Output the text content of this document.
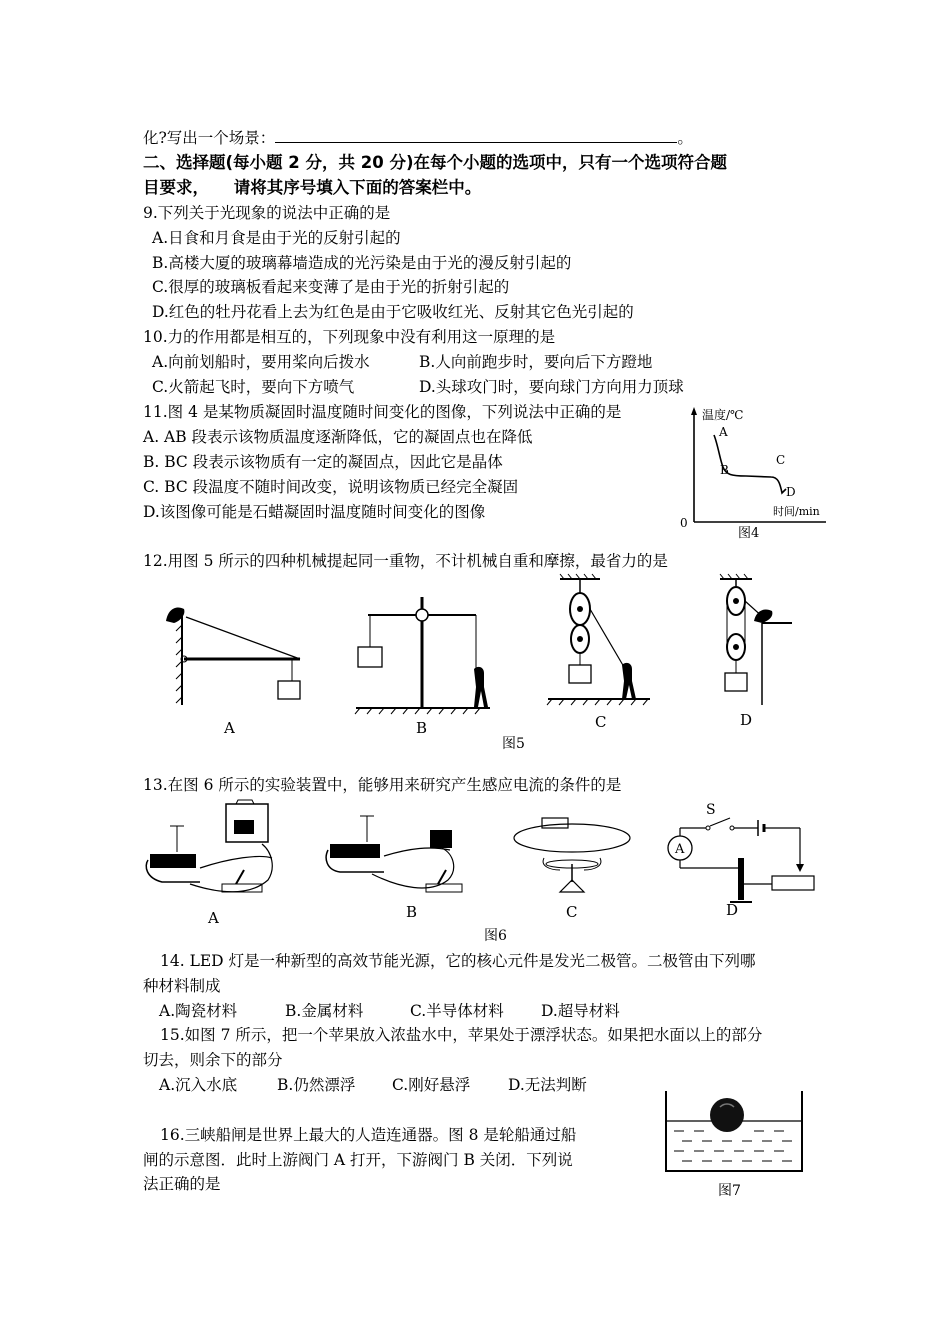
化?写出一个场景：	。
二、选择题(每小题 2 分，共 20 分)在每个小题的选项中，只有一个选项符合题
目要求，　　请将其序号填入下面的答案栏中。
9.下列关于光现象的说法中正确的是
A.日食和月食是由于光的反射引起的
B.高楼大厦的玻璃幕墙造成的光污染是由于光的漫反射引起的
C.很厚的玻璃板看起来变薄了是由于光的折射引起的
D.红色的牡丹花看上去为红色是由于它吸收红光、反射其它色光引起的
10.力的作用都是相互的，下列现象中没有利用这一原理的是
A.向前划船时，要用桨向后拨水	B.人向前跑步时，要向后下方蹬地
C.火箭起飞时，要向下方喷气	D.头球攻门时，要向球门方向用力顶球
11.图 4 是某物质凝固时温度随时间变化的图像，下列说法中正确的是
A. AB 段表示该物质温度逐渐降低，它的凝固点也在降低
B. BC 段表示该物质有一定的凝固点，因此它是晶体
C. BC 段温度不随时间改变，说明该物质已经完全凝固
D.该图像可能是石蜡凝固时温度随时间变化的图像
温度/℃
时间/min
0
A
B
C
D
图4
12.用图 5 所示的四种机械提起同一重物，不计机械自重和摩擦，最省力的是
A	B	C	D
图5
13.在图 6 所示的实验装置中，能够用来研究产生感应电流的条件的是
A	B	C
A
S
D
图6
14. LED 灯是一种新型的高效节能光源，它的核心元件是发光二极管。二极管由下列哪
种材料制成
A.陶瓷材料	B.金属材料	C.半导体材料 D.超导材料
15.如图 7 所示，把一个苹果放入浓盐水中，苹果处于漂浮状态。如果把水面以上的部分
切去，则余下的部分
A.沉入水底	B.仍然漂浮 C.刚好悬浮 D.无法判断
16.三峡船闸是世界上最大的人造连通器。图 8 是轮船通过船
闸的示意图．此时上游阀门 A 打开，下游阀门 B 关闭．下列说
法正确的是	图7
